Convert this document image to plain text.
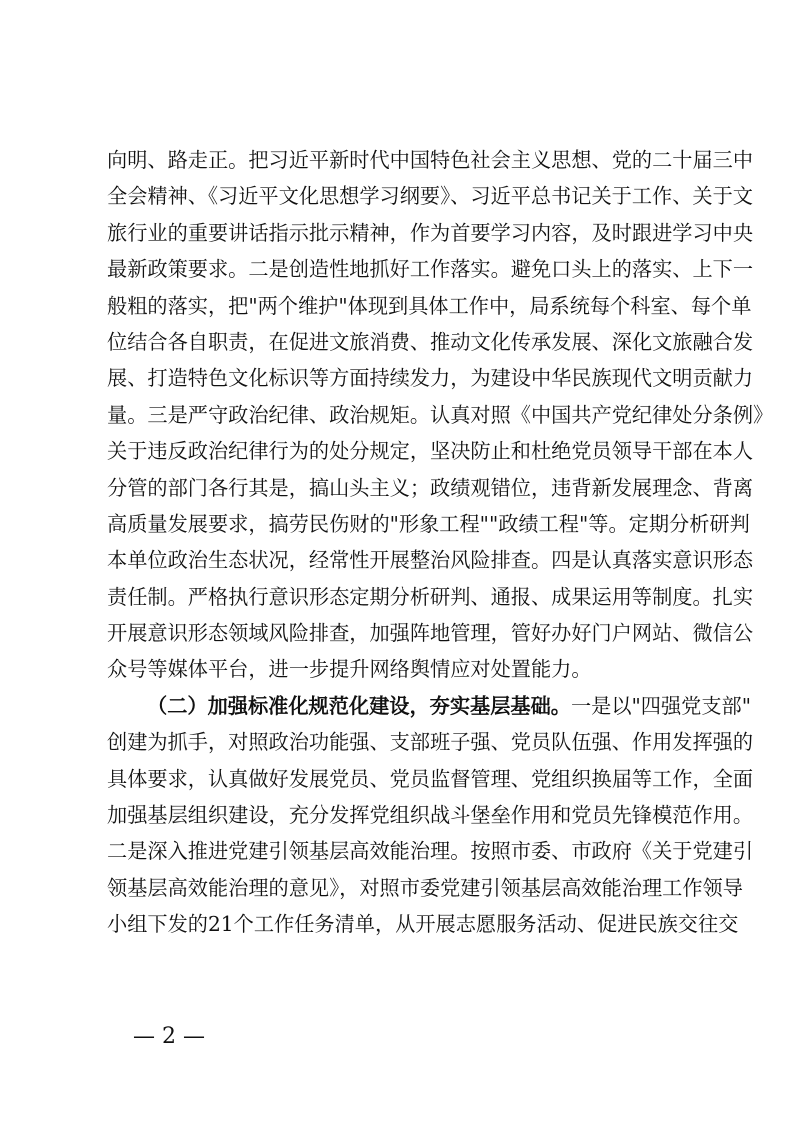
向明、路走正。把习近平新时代中国特色社会主义思想、党的二十届三中
全会精神、《习近平文化思想学习纲要》、习近平总书记关于工作、关于文
旅行业的重要讲话指示批示精神，作为首要学习内容，及时跟进学习中央
最新政策要求。二是创造性地抓好工作落实。避免口头上的落实、上下一
般粗的落实，把"两个维护"体现到具体工作中，局系统每个科室、每个单
位结合各自职责，在促进文旅消费、推动文化传承发展、深化文旅融合发
展、打造特色文化标识等方面持续发力，为建设中华民族现代文明贡献力
量。三是严守政治纪律、政治规矩。认真对照《中国共产党纪律处分条例》
关于违反政治纪律行为的处分规定，坚决防止和杜绝党员领导干部在本人
分管的部门各行其是，搞山头主义；政绩观错位，违背新发展理念、背离
高质量发展要求，搞劳民伤财的"形象工程""政绩工程"等。定期分析研判
本单位政治生态状况，经常性开展整治风险排查。四是认真落实意识形态
责任制。严格执行意识形态定期分析研判、通报、成果运用等制度。扎实
开展意识形态领域风险排查，加强阵地管理，管好办好门户网站、微信公
众号等媒体平台，进一步提升网络舆情应对处置能力。
（二）加强标准化规范化建设，夯实基层基础。一是以"四强党支部"
创建为抓手，对照政治功能强、支部班子强、党员队伍强、作用发挥强的
具体要求，认真做好发展党员、党员监督管理、党组织换届等工作，全面
加强基层组织建设，充分发挥党组织战斗堡垒作用和党员先锋模范作用。
二是深入推进党建引领基层高效能治理。按照市委、市政府《关于党建引
领基层高效能治理的意见》，对照市委党建引领基层高效能治理工作领导
小组下发的21个工作任务清单，从开展志愿服务活动、促进民族交往交
— 2 —
